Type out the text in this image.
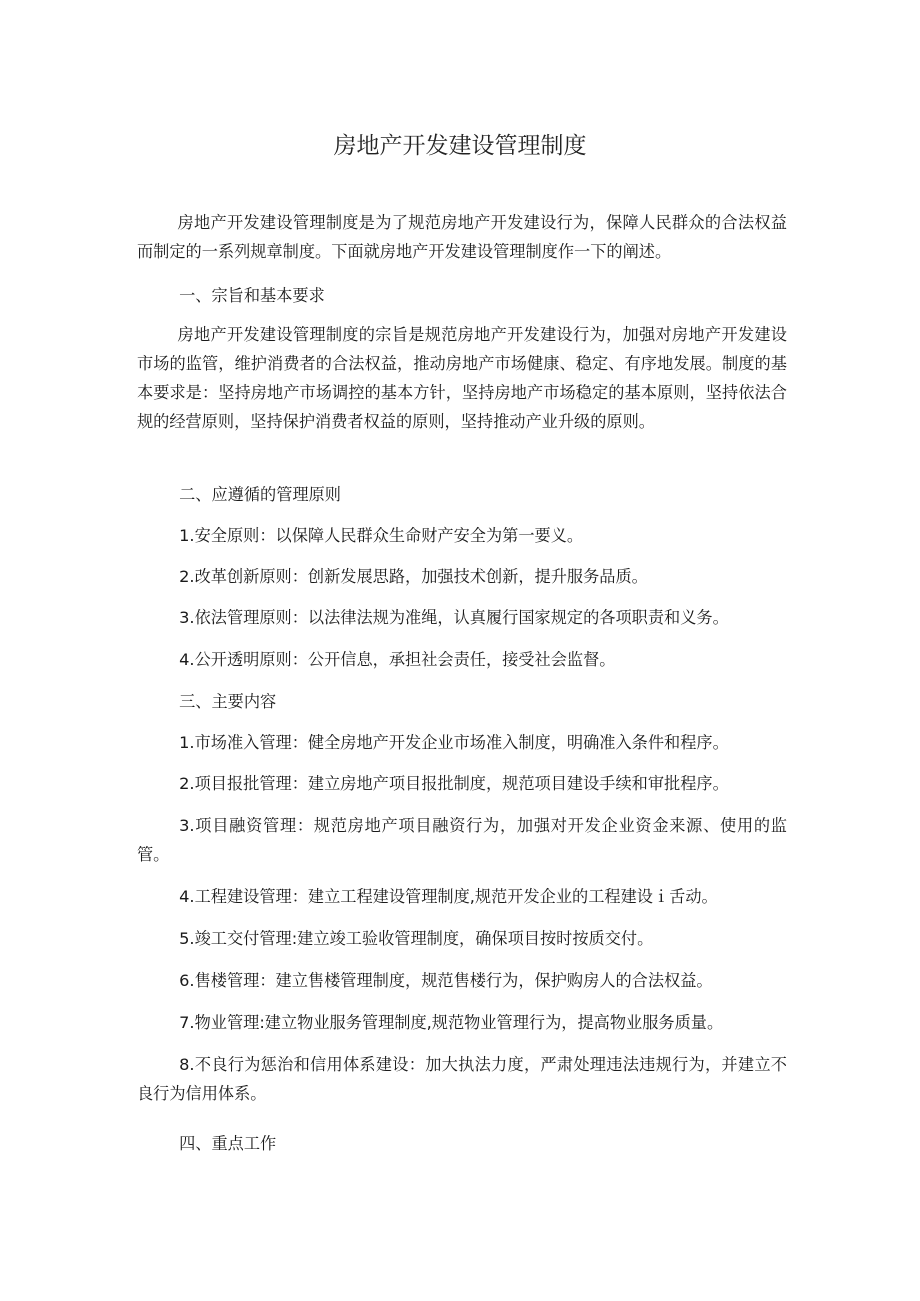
房地产开发建设管理制度
房地产开发建设管理制度是为了规范房地产开发建设行为，保障人民群众的合法权益而制定的一系列规章制度。下面就房地产开发建设管理制度作一下的阐述。
一、宗旨和基本要求
房地产开发建设管理制度的宗旨是规范房地产开发建设行为，加强对房地产开发建设市场的监管，维护消费者的合法权益，推动房地产市场健康、稳定、有序地发展。制度的基本要求是：坚持房地产市场调控的基本方针，坚持房地产市场稳定的基本原则，坚持依法合规的经营原则，坚持保护消费者权益的原则，坚持推动产业升级的原则。
二、应遵循的管理原则
1.安全原则：以保障人民群众生命财产安全为第一要义。
2.改革创新原则：创新发展思路，加强技术创新，提升服务品质。
3.依法管理原则：以法律法规为准绳，认真履行国家规定的各项职责和义务。
4.公开透明原则：公开信息，承担社会责任，接受社会监督。
三、主要内容
1.市场准入管理：健全房地产开发企业市场准入制度，明确准入条件和程序。
2.项目报批管理：建立房地产项目报批制度，规范项目建设手续和审批程序。
3.项目融资管理：规范房地产项目融资行为，加强对开发企业资金来源、使用的监管。
4.工程建设管理：建立工程建设管理制度,规范开发企业的工程建设ｉ舌动。
5.竣工交付管理:建立竣工验收管理制度，确保项目按时按质交付。
6.售楼管理：建立售楼管理制度，规范售楼行为，保护购房人的合法权益。
7.物业管理:建立物业服务管理制度,规范物业管理行为，提高物业服务质量。
8.不良行为惩治和信用体系建设：加大执法力度，严肃处理违法违规行为，并建立不良行为信用体系。
四、重点工作
